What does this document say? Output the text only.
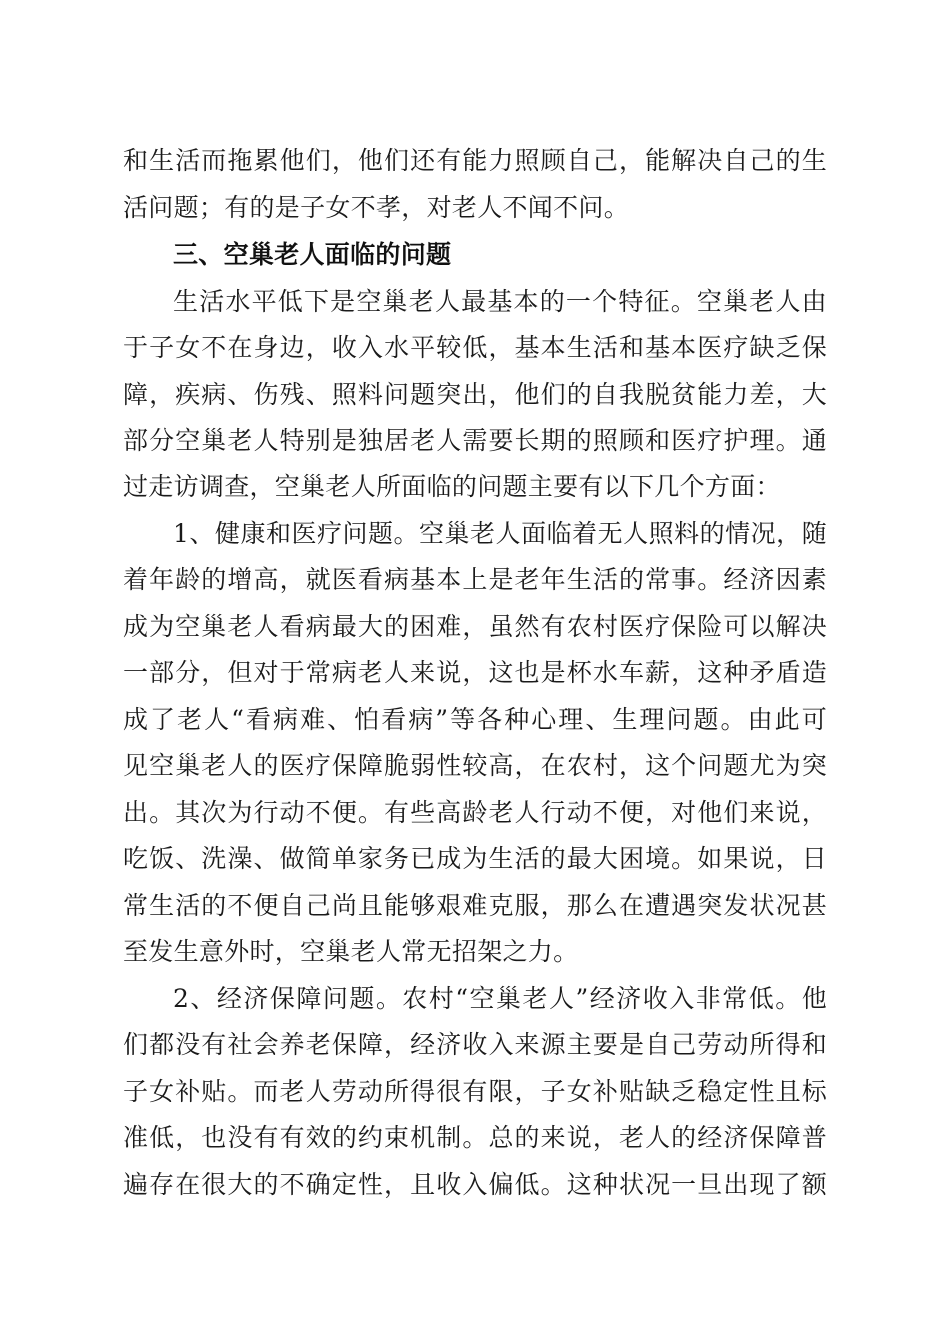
和生活而拖累他们，他们还有能力照顾自己，能解决自己的生
活问题；有的是子女不孝，对老人不闻不问。
三、空巢老人面临的问题
生活水平低下是空巢老人最基本的一个特征。空巢老人由
于子女不在身边，收入水平较低，基本生活和基本医疗缺乏保
障，疾病、伤残、照料问题突出，他们的自我脱贫能力差，大
部分空巢老人特别是独居老人需要长期的照顾和医疗护理。通
过走访调查，空巢老人所面临的问题主要有以下几个方面：
1、健康和医疗问题。空巢老人面临着无人照料的情况，随
着年龄的增高，就医看病基本上是老年生活的常事。经济因素
成为空巢老人看病最大的困难，虽然有农村医疗保险可以解决
一部分，但对于常病老人来说，这也是杯水车薪，这种矛盾造
成了老人“看病难、怕看病”等各种心理、生理问题。由此可
见空巢老人的医疗保障脆弱性较高，在农村，这个问题尤为突
出。其次为行动不便。有些高龄老人行动不便，对他们来说，
吃饭、洗澡、做简单家务已成为生活的最大困境。如果说，日
常生活的不便自己尚且能够艰难克服，那么在遭遇突发状况甚
至发生意外时，空巢老人常无招架之力。
2、经济保障问题。农村“空巢老人”经济收入非常低。他
们都没有社会养老保障，经济收入来源主要是自己劳动所得和
子女补贴。而老人劳动所得很有限，子女补贴缺乏稳定性且标
准低，也没有有效的约束机制。总的来说，老人的经济保障普
遍存在很大的不确定性，且收入偏低。这种状况一旦出现了额
